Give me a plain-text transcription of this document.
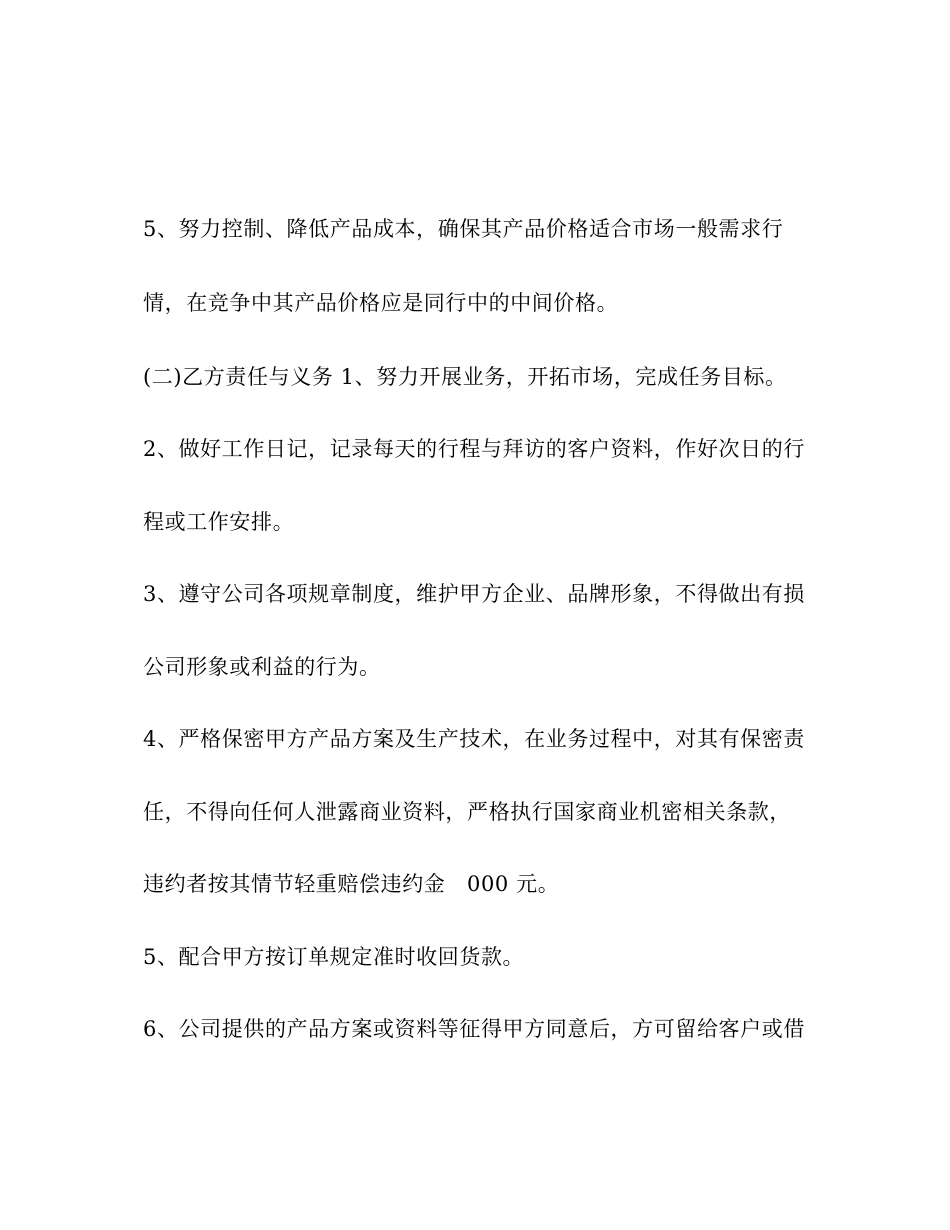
5、努力控制、降低产品成本，确保其产品价格适合市场一般需求行
情，在竞争中其产品价格应是同行中的中间价格。
(二)乙方责任与义务 1、努力开展业务，开拓市场，完成任务目标。
2、做好工作日记，记录每天的行程与拜访的客户资料，作好次日的行
程或工作安排。
3、遵守公司各项规章制度，维护甲方企业、品牌形象，不得做出有损
公司形象或利益的行为。
4、严格保密甲方产品方案及生产技术，在业务过程中，对其有保密责
任，不得向任何人泄露商业资料，严格执行国家商业机密相关条款，
违约者按其情节轻重赔偿违约金　000 元。
5、配合甲方按订单规定准时收回货款。
6、公司提供的产品方案或资料等征得甲方同意后，方可留给客户或借
